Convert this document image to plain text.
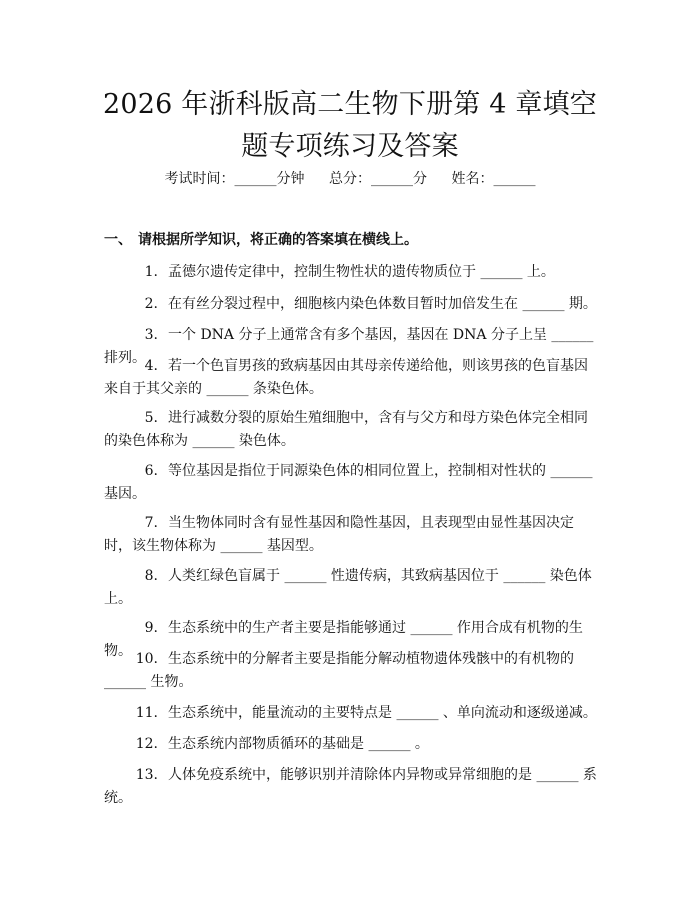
2026 年浙科版高二生物下册第 4 章填空题专项练习及答案
考试时间：______分钟 总分：______分 姓名：______
一、 请根据所学知识，将正确的答案填在横线上。
1. 孟德尔遗传定律中，控制生物性状的遗传物质位于 ______ 上。
2. 在有丝分裂过程中，细胞核内染色体数目暂时加倍发生在 ______ 期。
3. 一个 DNA 分子上通常含有多个基因，基因在 DNA 分子上呈 ______ 排列。
4. 若一个色盲男孩的致病基因由其母亲传递给他，则该男孩的色盲基因来自于其父亲的 ______ 条染色体。
5. 进行减数分裂的原始生殖细胞中，含有与父方和母方染色体完全相同的染色体称为 ______ 染色体。
6. 等位基因是指位于同源染色体的相同位置上，控制相对性状的 ______ 基因。
7. 当生物体同时含有显性基因和隐性基因，且表现型由显性基因决定时，该生物体称为 ______ 基因型。
8. 人类红绿色盲属于 ______ 性遗传病，其致病基因位于 ______ 染色体上。
9. 生态系统中的生产者主要是指能够通过 ______ 作用合成有机物的生物。 10. 生态系统中的分解者主要是指能分解动植物遗体残骸中的有机物的 ______ 生物。
11. 生态系统中，能量流动的主要特点是 ______ 、单向流动和逐级递减。
12. 生态系统内部物质循环的基础是 ______ 。
13. 人体免疫系统中，能够识别并清除体内异物或异常细胞的是 ______ 系统。
